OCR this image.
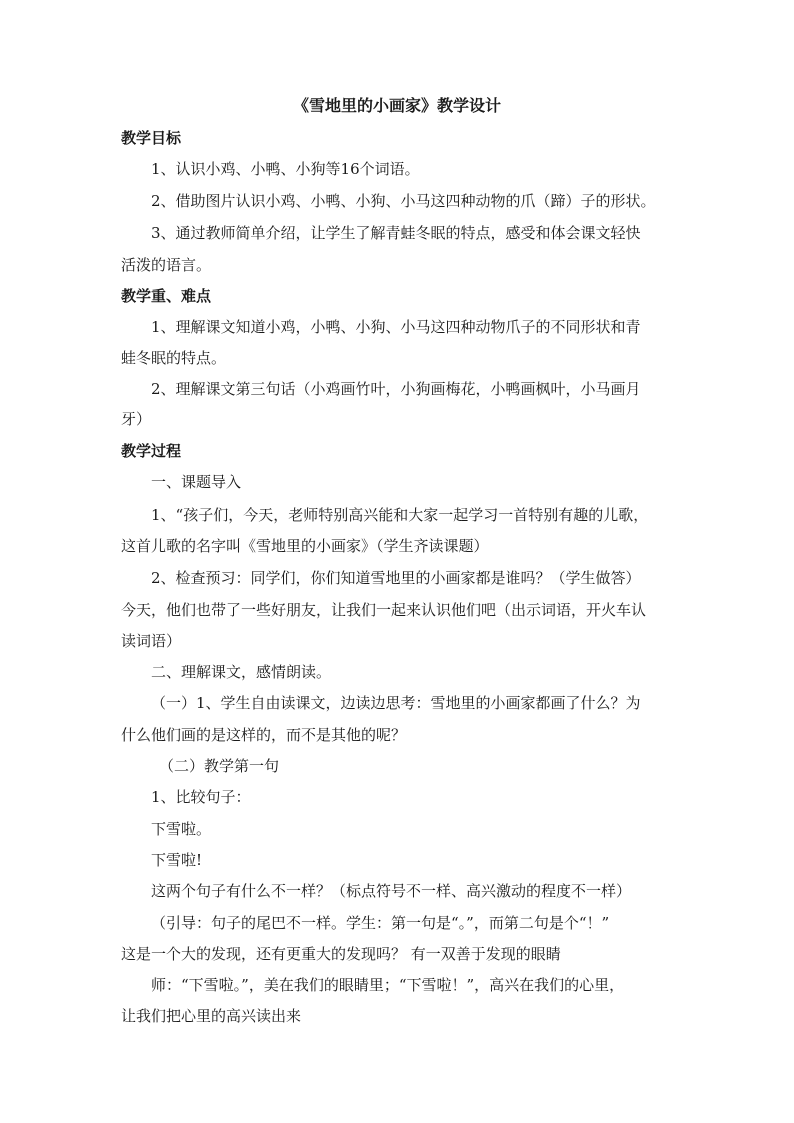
《雪地里的小画家》教学设计
教学目标
1、认识小鸡、小鸭、小狗等16个词语。
2、借助图片认识小鸡、小鸭、小狗、小马这四种动物的爪（蹄）子的形状。
3、通过教师简单介绍，让学生了解青蛙冬眠的特点，感受和体会课文轻快
活泼的语言。
教学重、难点
1、理解课文知道小鸡，小鸭、小狗、小马这四种动物爪子的不同形状和青
蛙冬眠的特点。
2、理解课文第三句话（小鸡画竹叶，小狗画梅花，小鸭画枫叶，小马画月
牙）
教学过程
一、课题导入
1、“孩子们，今天，老师特别高兴能和大家一起学习一首特别有趣的儿歌，
这首儿歌的名字叫《雪地里的小画家》（学生齐读课题）
2、检查预习：同学们，你们知道雪地里的小画家都是谁吗？（学生做答）
今天，他们也带了一些好朋友，让我们一起来认识他们吧（出示词语，开火车认
读词语）
二、理解课文，感情朗读。
（一）1、学生自由读课文，边读边思考：雪地里的小画家都画了什么？为
什么他们画的是这样的，而不是其他的呢？
（二）教学第一句
1、比较句子：
下雪啦。
下雪啦!
这两个句子有什么不一样？（标点符号不一样、高兴激动的程度不一样）
（引导：句子的尾巴不一样。学生：第一句是“。”，而第二句是个“！”
这是一个大的发现，还有更重大的发现吗？ 有一双善于发现的眼睛
师：“下雪啦。”，美在我们的眼睛里；“下雪啦！”，高兴在我们的心里，
让我们把心里的高兴读出来
